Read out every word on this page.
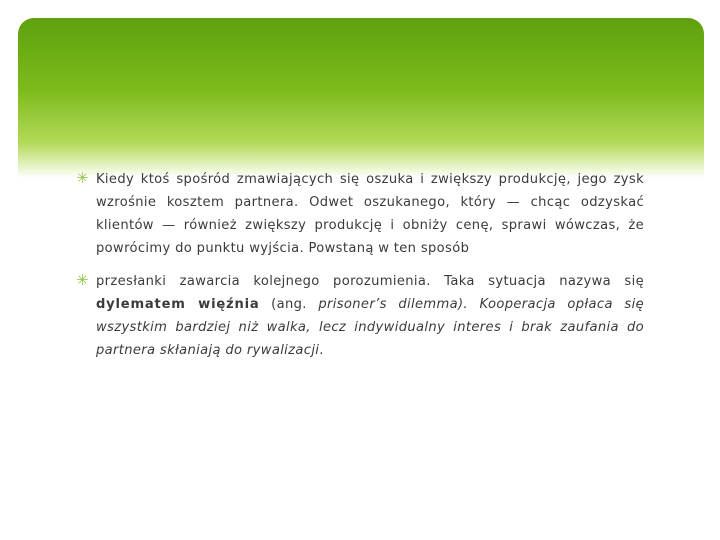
✳ Kiedy ktoś spośród zmawiających się oszuka i zwiększy produkcję, jego zysk wzrośnie kosztem partnera. Odwet oszukanego, który — chcąc odzyskać klientów — również zwiększy produkcję i obniży cenę, sprawi wówczas, że powrócimy do punktu wyjścia. Powstaną w ten sposób
✳ przesłanki zawarcia kolejnego porozumienia. Taka sytuacja nazywa się dylematem więźnia (ang. prisoner’s dilemma). Kooperacja opłaca się wszystkim bardziej niż walka, lecz indywidualny interes i brak zaufania do partnera skłaniają do rywalizacji.
